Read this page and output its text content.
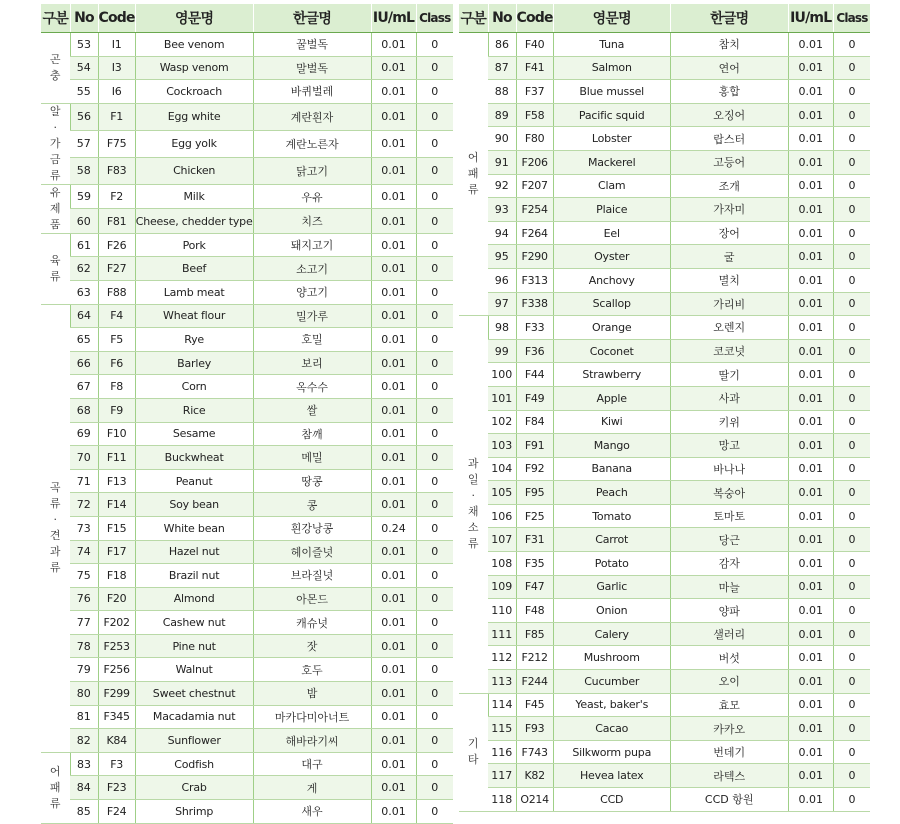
구분	No	Code	영문명	한글명	IU/mL	Class
곤충	53	I1	Bee venom	꿀벌독	0.01	0
	54	I3	Wasp venom	말벌독	0.01	0
	55	I6	Cockroach	바퀴벌레	0.01	0
알·가금류	56	F1	Egg white	계란흰자	0.01	0
	57	F75	Egg yolk	계란노른자	0.01	0
	58	F83	Chicken	닭고기	0.01	0
유제품	59	F2	Milk	우유	0.01	0
	60	F81	Cheese, chedder type	치즈	0.01	0
육류	61	F26	Pork	돼지고기	0.01	0
	62	F27	Beef	소고기	0.01	0
	63	F88	Lamb meat	양고기	0.01	0
곡류·견과류	64	F4	Wheat flour	밀가루	0.01	0
	65	F5	Rye	호밀	0.01	0
	66	F6	Barley	보리	0.01	0
	67	F8	Corn	옥수수	0.01	0
	68	F9	Rice	쌀	0.01	0
	69	F10	Sesame	참깨	0.01	0
	70	F11	Buckwheat	메밀	0.01	0
	71	F13	Peanut	땅콩	0.01	0
	72	F14	Soy bean	콩	0.01	0
	73	F15	White bean	흰강낭콩	0.24	0
	74	F17	Hazel nut	헤이즐넛	0.01	0
	75	F18	Brazil nut	브라질넛	0.01	0
	76	F20	Almond	아몬드	0.01	0
	77	F202	Cashew nut	캐슈넛	0.01	0
	78	F253	Pine nut	잣	0.01	0
	79	F256	Walnut	호두	0.01	0
	80	F299	Sweet chestnut	밤	0.01	0
	81	F345	Macadamia nut	마카다미아너트	0.01	0
	82	K84	Sunflower	해바라기씨	0.01	0
어패류	83	F3	Codfish	대구	0.01	0
	84	F23	Crab	게	0.01	0
	85	F24	Shrimp	새우	0.01	0
구분	No	Code	영문명	한글명	IU/mL	Class
어패류	86	F40	Tuna	참치	0.01	0
	87	F41	Salmon	연어	0.01	0
	88	F37	Blue mussel	홍합	0.01	0
	89	F58	Pacific squid	오징어	0.01	0
	90	F80	Lobster	랍스터	0.01	0
	91	F206	Mackerel	고등어	0.01	0
	92	F207	Clam	조개	0.01	0
	93	F254	Plaice	가자미	0.01	0
	94	F264	Eel	장어	0.01	0
	95	F290	Oyster	굴	0.01	0
	96	F313	Anchovy	멸치	0.01	0
	97	F338	Scallop	가리비	0.01	0
과일·채소류	98	F33	Orange	오렌지	0.01	0
	99	F36	Coconet	코코넛	0.01	0
	100	F44	Strawberry	딸기	0.01	0
	101	F49	Apple	사과	0.01	0
	102	F84	Kiwi	키위	0.01	0
	103	F91	Mango	망고	0.01	0
	104	F92	Banana	바나나	0.01	0
	105	F95	Peach	복숭아	0.01	0
	106	F25	Tomato	토마토	0.01	0
	107	F31	Carrot	당근	0.01	0
	108	F35	Potato	감자	0.01	0
	109	F47	Garlic	마늘	0.01	0
	110	F48	Onion	양파	0.01	0
	111	F85	Calery	샐러리	0.01	0
	112	F212	Mushroom	버섯	0.01	0
	113	F244	Cucumber	오이	0.01	0
기타	114	F45	Yeast, baker's	효모	0.01	0
	115	F93	Cacao	카카오	0.01	0
	116	F743	Silkworm pupa	번데기	0.01	0
	117	K82	Hevea latex	라텍스	0.01	0
	118	O214	CCD	CCD 항원	0.01	0
